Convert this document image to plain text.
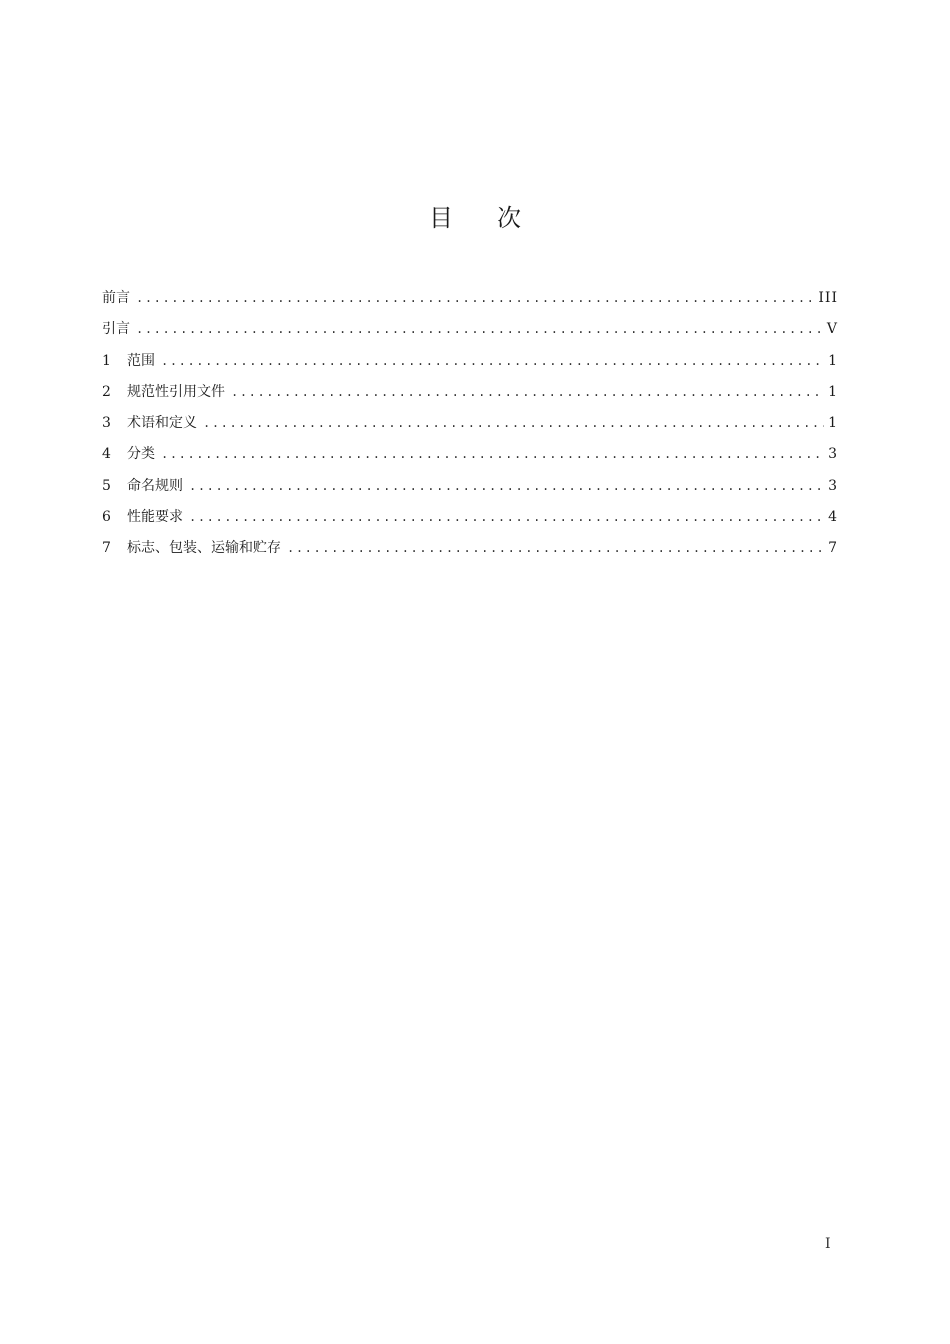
目 次
前言 .....	III
引言 .....	V
1	范围 .....	1
2	规范性引用文件 .....	1
3	术语和定义 .....	1
4	分类 .....	3
5	命名规则 .....	3
6	性能要求 .....	4
7	标志、包装、运输和贮存 .....	7
I
